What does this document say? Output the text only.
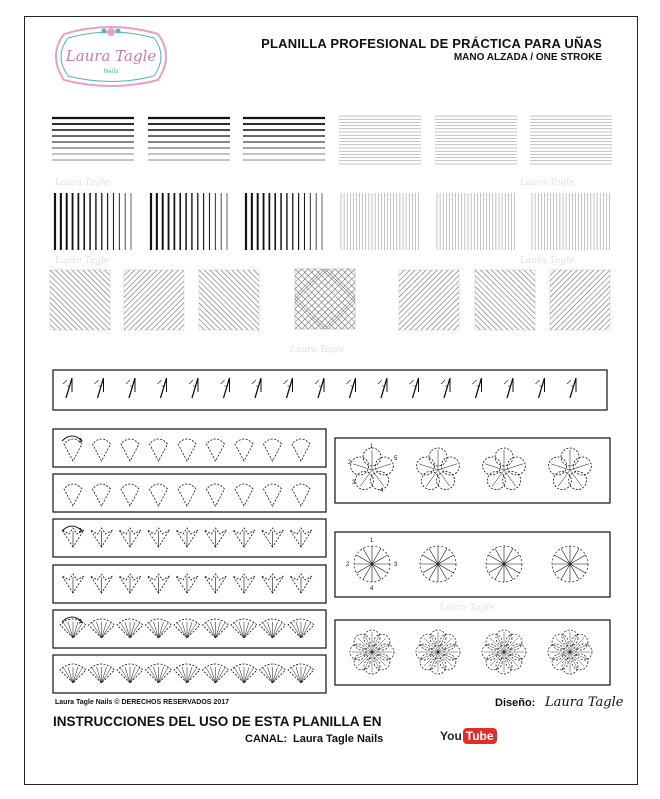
Laura Tagle
Nails
PLANILLA PROFESIONAL DE PRÁCTICA PARA UÑAS
MANO ALZADA / ONE STROKE
1
2
3
4
5
1
2	3
4
Laura Tagle	Laura Tagle
Laura Tagle	Laura Tagle
Laura Tagle
Laura Tagle
Laura Tagle Nails © DERECHOS RESERVADOS 2017	Diseño: Laura Tagle
INSTRUCCIONES DEL USO DE ESTA PLANILLA EN
CANAL: Laura Tagle Nails	You Tube
